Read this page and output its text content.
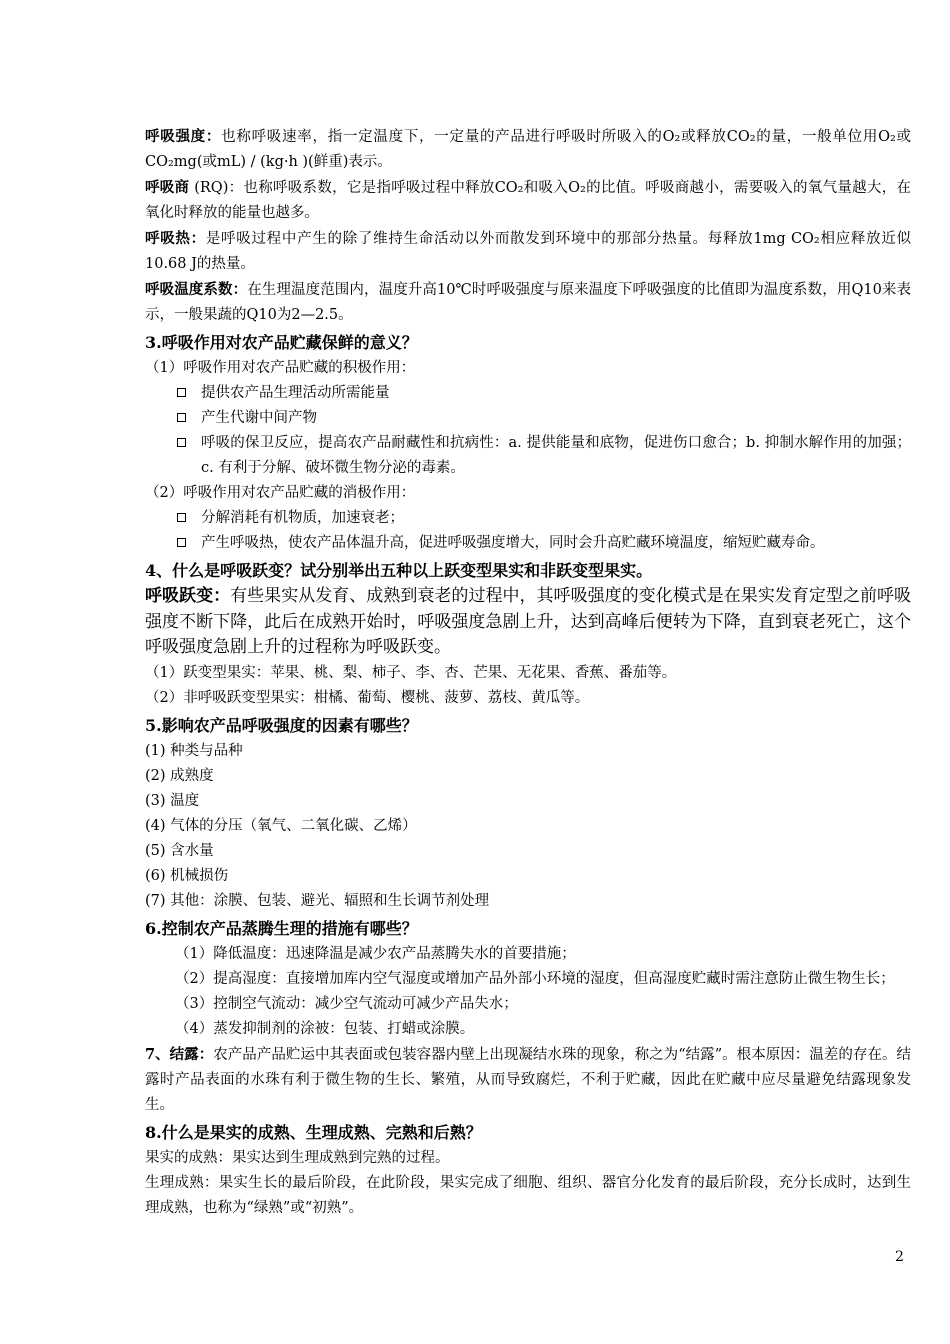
呼吸强度：也称呼吸速率，指一定温度下，一定量的产品进行呼吸时所吸入的O₂或释放CO₂的量，一般单位用O₂或CO₂mg(或mL) / (kg·h )(鲜重)表示。

呼吸商 (RQ)：也称呼吸系数，它是指呼吸过程中释放CO₂和吸入O₂的比值。呼吸商越小，需要吸入的氧气量越大，在氧化时释放的能量也越多。

呼吸热：是呼吸过程中产生的除了维持生命活动以外而散发到环境中的那部分热量。每释放1mg CO₂相应释放近似10.68 J的热量。

呼吸温度系数：在生理温度范围内，温度升高10℃时呼吸强度与原来温度下呼吸强度的比值即为温度系数，用Q10来表示，一般果蔬的Q10为2—2.5。

3.呼吸作用对农产品贮藏保鲜的意义？

（1）呼吸作用对农产品贮藏的积极作用：

提供农产品生理活动所需能量

产生代谢中间产物

呼吸的保卫反应，提高农产品耐藏性和抗病性：a. 提供能量和底物，促进伤口愈合；b. 抑制水解作用的加强；c. 有利于分解、破坏微生物分泌的毒素。

（2）呼吸作用对农产品贮藏的消极作用：

分解消耗有机物质，加速衰老；

产生呼吸热，使农产品体温升高，促进呼吸强度增大，同时会升高贮藏环境温度，缩短贮藏寿命。

4、什么是呼吸跃变？试分别举出五种以上跃变型果实和非跃变型果实。

呼吸跃变：有些果实从发育、成熟到衰老的过程中，其呼吸强度的变化模式是在果实发育定型之前呼吸强度不断下降，此后在成熟开始时，呼吸强度急剧上升，达到高峰后便转为下降，直到衰老死亡，这个呼吸强度急剧上升的过程称为呼吸跃变。

（1）跃变型果实：苹果、桃、梨、柿子、李、杏、芒果、无花果、香蕉、番茄等。

（2）非呼吸跃变型果实：柑橘、葡萄、樱桃、菠萝、荔枝、黄瓜等。

5.影响农产品呼吸强度的因素有哪些？

(1) 种类与品种

(2) 成熟度

(3) 温度

(4) 气体的分压（氧气、二氧化碳、乙烯）

(5) 含水量

(6) 机械损伤

(7) 其他：涂膜、包装、避光、辐照和生长调节剂处理

6.控制农产品蒸腾生理的措施有哪些？

（1）降低温度：迅速降温是减少农产品蒸腾失水的首要措施；

（2）提高湿度：直接增加库内空气湿度或增加产品外部小环境的湿度，但高湿度贮藏时需注意防止微生物生长；

（3）控制空气流动：减少空气流动可减少产品失水；

（4）蒸发抑制剂的涂被：包装、打蜡或涂膜。

7、结露：农产品产品贮运中其表面或包装容器内壁上出现凝结水珠的现象，称之为“结露”。根本原因：温差的存在。结露时产品表面的水珠有利于微生物的生长、繁殖，从而导致腐烂，不利于贮藏，因此在贮藏中应尽量避免结露现象发生。

8.什么是果实的成熟、生理成熟、完熟和后熟？

果实的成熟：果实达到生理成熟到完熟的过程。

生理成熟：果实生长的最后阶段，在此阶段，果实完成了细胞、组织、器官分化发育的最后阶段，充分长成时，达到生理成熟，也称为“绿熟”或“初熟”。

2
